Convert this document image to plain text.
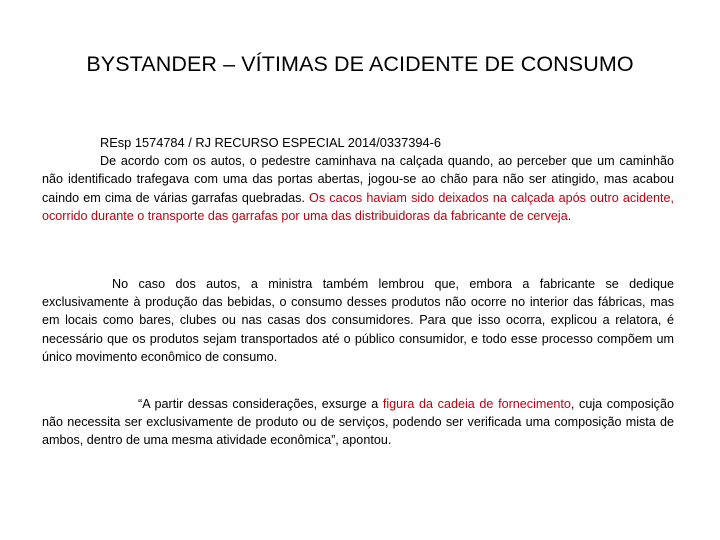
BYSTANDER – VÍTIMAS DE ACIDENTE DE CONSUMO
REsp 1574784 / RJ RECURSO ESPECIAL 2014/0337394-6
De acordo com os autos, o pedestre caminhava na calçada quando, ao perceber que um caminhão não identificado trafegava com uma das portas abertas, jogou-se ao chão para não ser atingido, mas acabou caindo em cima de várias garrafas quebradas. Os cacos haviam sido deixados na calçada após outro acidente, ocorrido durante o transporte das garrafas por uma das distribuidoras da fabricante de cerveja.
No caso dos autos, a ministra também lembrou que, embora a fabricante se dedique exclusivamente à produção das bebidas, o consumo desses produtos não ocorre no interior das fábricas, mas em locais como bares, clubes ou nas casas dos consumidores. Para que isso ocorra, explicou a relatora, é necessário que os produtos sejam transportados até o público consumidor, e todo esse processo compõem um único movimento econômico de consumo.
“A partir dessas considerações, exsurge a figura da cadeia de fornecimento, cuja composição não necessita ser exclusivamente de produto ou de serviços, podendo ser verificada uma composição mista de ambos, dentro de uma mesma atividade econômica”, apontou.
